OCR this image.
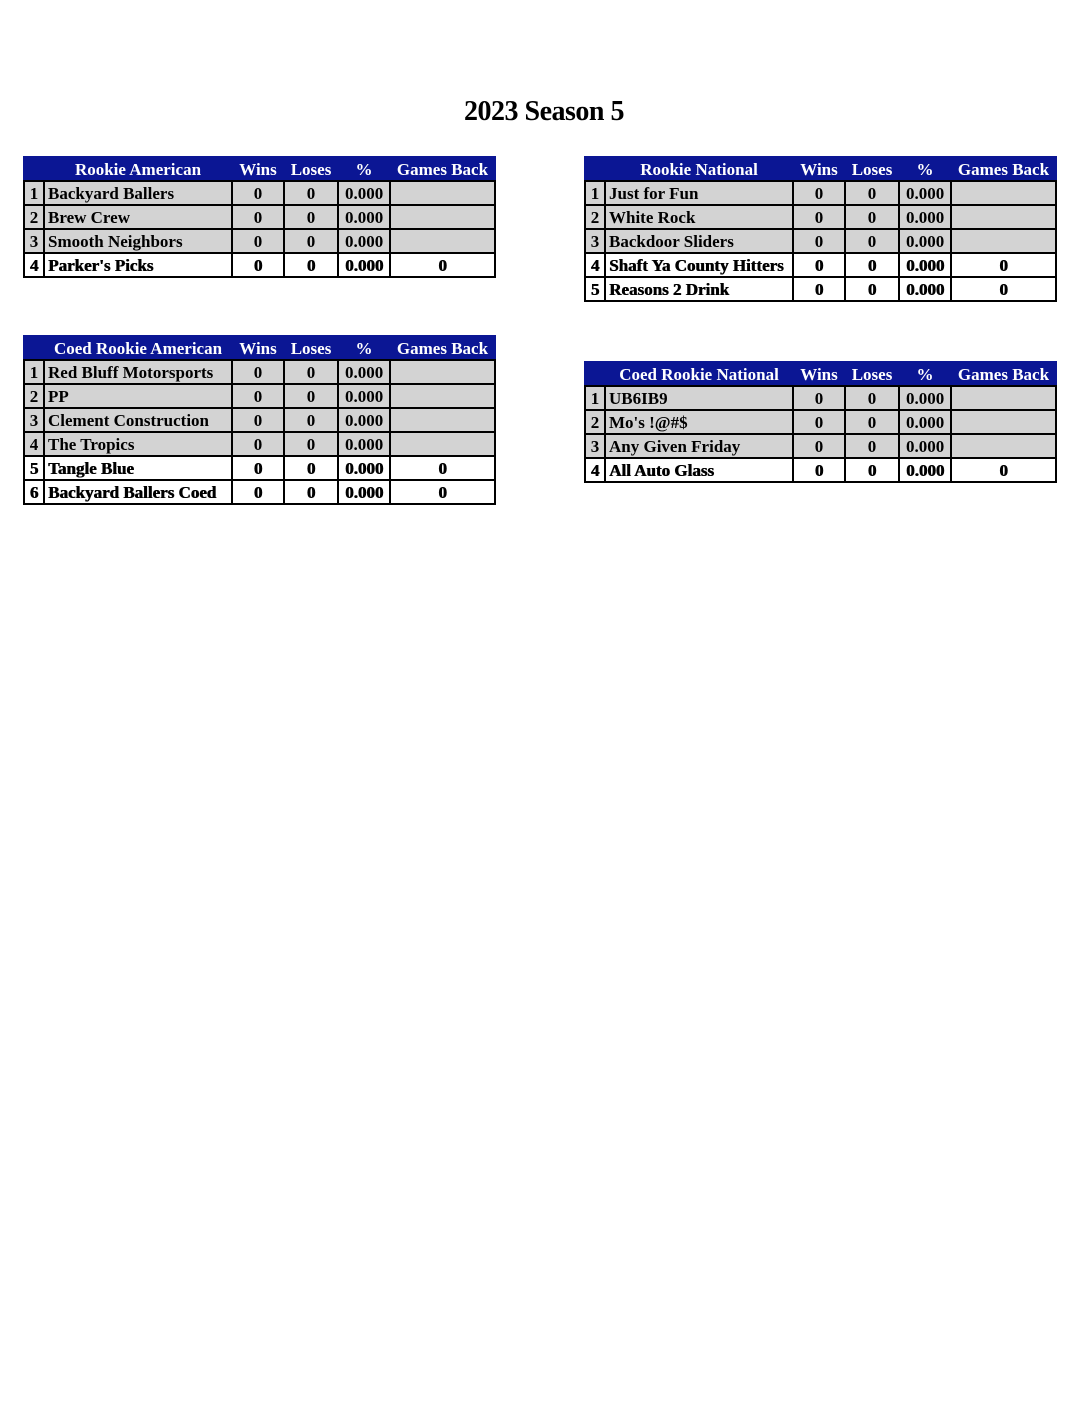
2023 Season 5
	Rookie American	Wins	Loses	%	Games Back
1	Backyard Ballers	0	0	0.000	
2	Brew Crew	0	0	0.000	
3	Smooth Neighbors	0	0	0.000	
4	Parker's Picks	0	0	0.000	0
	Rookie National	Wins	Loses	%	Games Back
1	Just for Fun	0	0	0.000	
2	White Rock	0	0	0.000	
3	Backdoor Sliders	0	0	0.000	
4	Shaft Ya County Hitters	0	0	0.000	0
5	Reasons 2 Drink	0	0	0.000	0
	Coed Rookie American	Wins	Loses	%	Games Back
1	Red Bluff Motorsports	0	0	0.000	
2	PP	0	0	0.000	
3	Clement Construction	0	0	0.000	
4	The Tropics	0	0	0.000	
5	Tangle Blue	0	0	0.000	0
6	Backyard Ballers Coed	0	0	0.000	0
	Coed Rookie National	Wins	Loses	%	Games Back
1	UB6IB9	0	0	0.000	
2	Mo's !@#$	0	0	0.000	
3	Any Given Friday	0	0	0.000	
4	All Auto Glass	0	0	0.000	0
